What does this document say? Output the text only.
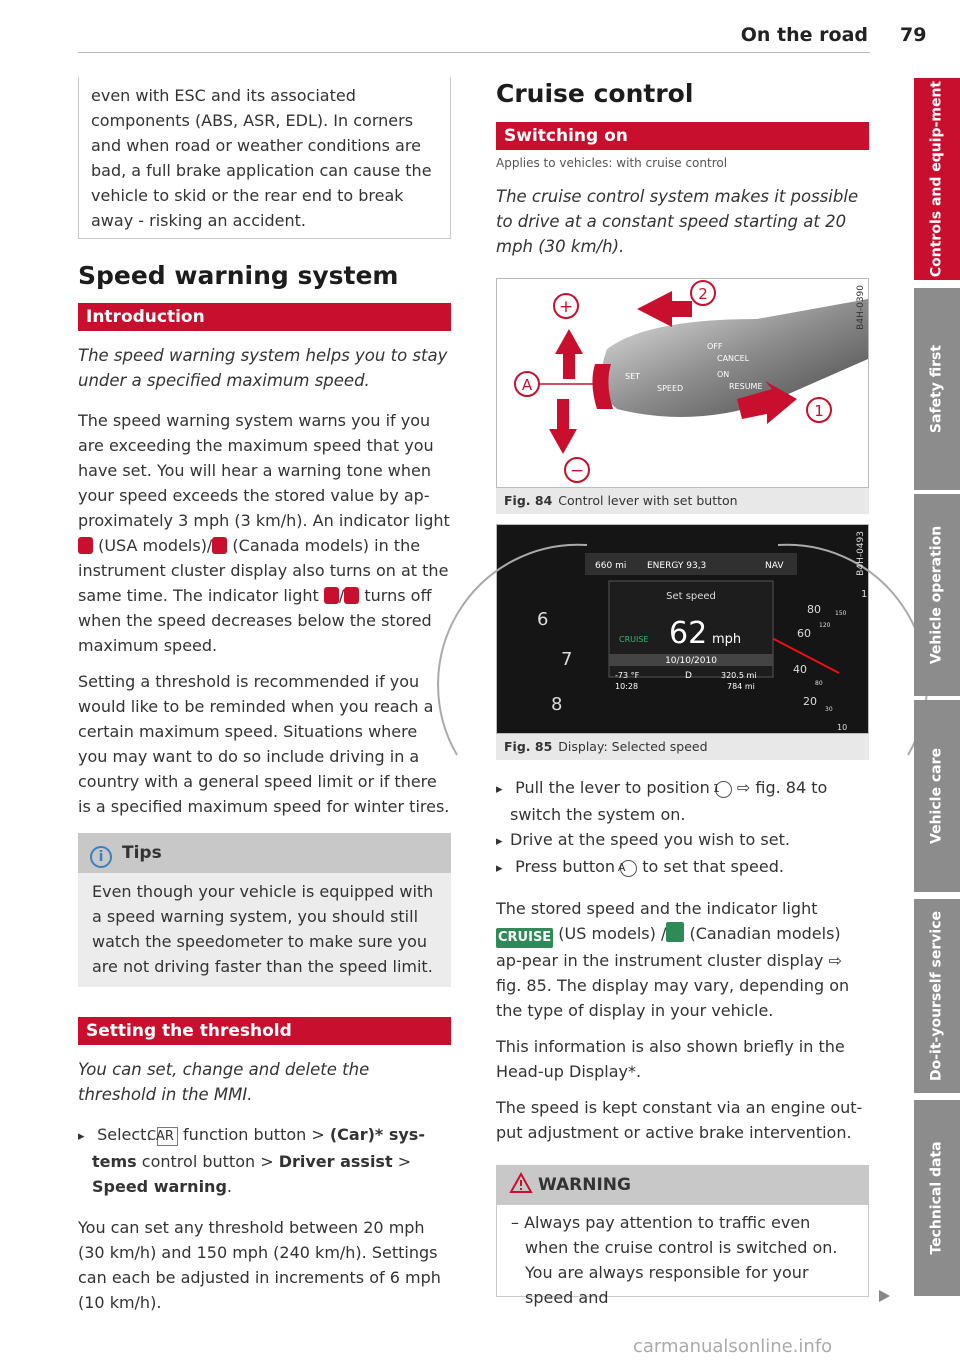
On the road 79
even with ESC and its associated components (ABS, ASR, EDL). In corners and when road or weather conditions are bad, a full brake application can cause the vehicle to skid or the rear end to break away - risking an accident.
Speed warning system
Introduction
The speed warning system helps you to stay under a specified maximum speed.

The speed warning system warns you if you are exceeding the maximum speed that you have set. You will hear a warning tone when your speed exceeds the stored value by ap-proximately 3 mph (3 km/h). An indicator light  (USA models)/ (Canada models) in the instrument cluster display also turns on at the same time. The indicator light / turns off when the speed decreases below the stored maximum speed.

Setting a threshold is recommended if you would like to be reminded when you reach a certain maximum speed. Situations where you may want to do so include driving in a country with a general speed limit or if there is a specified maximum speed for winter tires.

i Tips
Even though your vehicle is equipped with a speed warning system, you should still watch the speedometer to make sure you are not driving faster than the speed limit.
Setting the threshold
You can set, change and delete the threshold in the MMI.
▸ Select: CAR function button > (Car)* sys-tems control button > Driver assist > Speed warning.

You can set any threshold between 20 mph (30 km/h) and 150 mph (240 km/h). Settings can each be adjusted in increments of 6 mph (10 km/h).

Cruise control
Switching on
Applies to vehicles: with cruise control
The cruise control system makes it possible to drive at a constant speed starting at 20 mph (30 km/h).
B4H-0390
SET
SPEED
OFF
CANCEL
ON
RESUME
+
−
A
1
2
Fig. 84 Control lever with set button
B4H-0493
6
7
8
80
60
40
20
1
120
150
80
30
10
660 mi ENERGY 93,3	NAV
Set speed
CRUISE 62 mph
10/10/2010
-73 °F	D	320.5 mi
10:28	784 mi
Fig. 85 Display: Selected speed
▸ Pull the lever to position 1 ⇨ fig. 84 to switch the system on.
▸ Drive at the speed you wish to set.
▸ Press button A to set that speed.

The stored speed and the indicator light CRUISE (US models) / (Canadian models) ap-pear in the instrument cluster display ⇨ fig. 85. The display may vary, depending on the type of display in your vehicle.

This information is also shown briefly in the Head-up Display*.

The speed is kept constant via an engine out-put adjustment or active brake intervention.

WARNING
– Always pay attention to traffic even when the cruise control is switched on. You are always responsible for your speed and
Controls and equip-ment
Safety first
Vehicle operation
Vehicle care
Do-it-yourself service
Technical data
carmanualsonline.info
